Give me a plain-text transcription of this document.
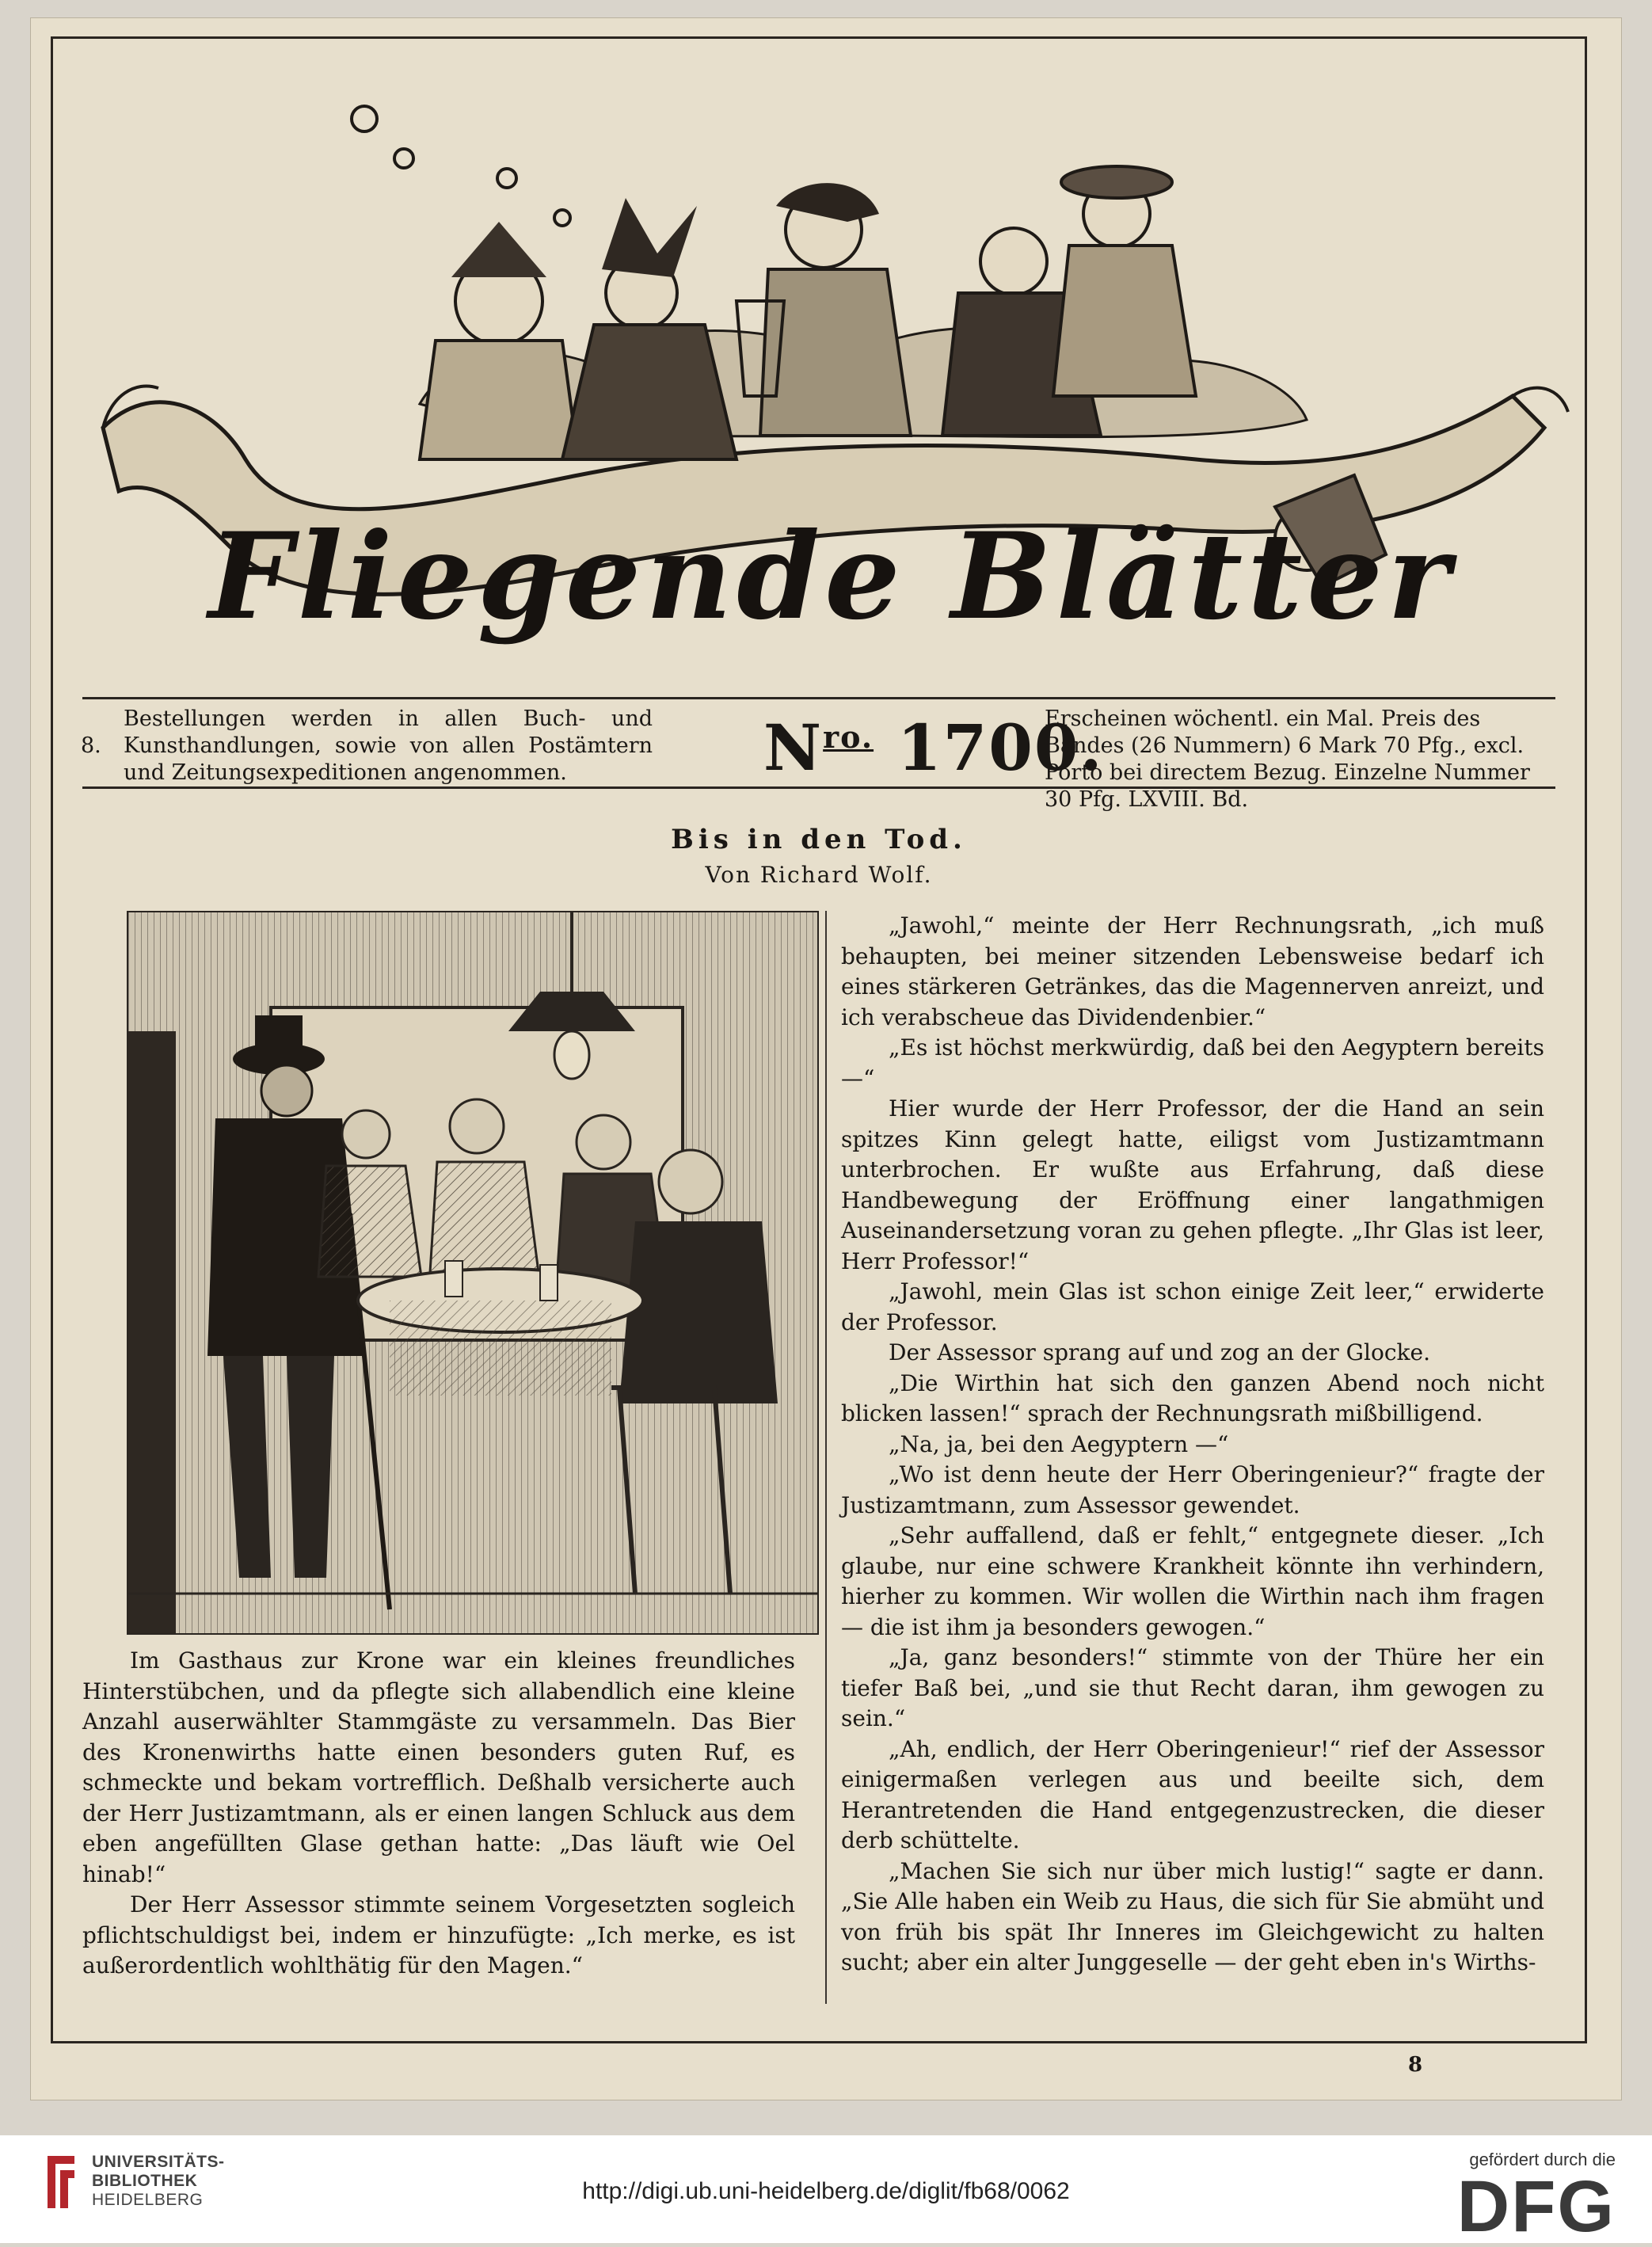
Fliegende Blätter
8.
Bestellungen werden in allen Buch- und Kunsthandlungen, sowie von allen Postämtern und Zeitungsexpeditionen angenommen.	$N^{ro.}$ 1700.
Erscheinen wöchentl. ein Mal. Preis des Bandes (26 Nummern) 6 Mark 70 Pfg., excl. Porto bei directem Bezug. Einzelne Nummer 30 Pfg. LXVIII. Bd.
Bis in den Tod.
Von Richard Wolf.

Im Gasthaus zur Krone war ein kleines freundliches Hinterstübchen, und da pflegte sich allabendlich eine kleine Anzahl auserwählter Stammgäste zu versammeln. Das Bier des Kronenwirths hatte einen besonders guten Ruf, es schmeckte und bekam vortrefflich. Deßhalb versicherte auch der Herr Justizamtmann, als er einen langen Schluck aus dem eben angefüllten Glase gethan hatte: „Das läuft wie Oel hinab!“

Der Herr Assessor stimmte seinem Vorgesetzten sogleich pflichtschuldigst bei, indem er hinzufügte: „Ich merke, es ist außerordentlich wohlthätig für den Magen.“

„Jawohl,“ meinte der Herr Rechnungsrath, „ich muß behaupten, bei meiner sitzenden Lebensweise bedarf ich eines stärkeren Getränkes, das die Magennerven anreizt, und ich verabscheue das Dividendenbier.“

„Es ist höchst merkwürdig, daß bei den Aegyptern bereits —“

Hier wurde der Herr Professor, der die Hand an sein spitzes Kinn gelegt hatte, eiligst vom Justizamtmann unterbrochen. Er wußte aus Erfahrung, daß diese Handbewegung der Eröffnung einer langathmigen Auseinandersetzung voran zu gehen pflegte. „Ihr Glas ist leer, Herr Professor!“

„Jawohl, mein Glas ist schon einige Zeit leer,“ erwiderte der Professor.

Der Assessor sprang auf und zog an der Glocke.

„Die Wirthin hat sich den ganzen Abend noch nicht blicken lassen!“ sprach der Rechnungsrath mißbilligend.

„Na, ja, bei den Aegyptern —“

„Wo ist denn heute der Herr Oberingenieur?“ fragte der Justizamtmann, zum Assessor gewendet.

„Sehr auffallend, daß er fehlt,“ entgegnete dieser. „Ich glaube, nur eine schwere Krankheit könnte ihn verhindern, hierher zu kommen. Wir wollen die Wirthin nach ihm fragen — die ist ihm ja besonders gewogen.“

„Ja, ganz besonders!“ stimmte von der Thüre her ein tiefer Baß bei, „und sie thut Recht daran, ihm gewogen zu sein.“

„Ah, endlich, der Herr Oberingenieur!“ rief der Assessor einigermaßen verlegen aus und beeilte sich, dem Herantretenden die Hand entgegenzustrecken, die dieser derb schüttelte.

„Machen Sie sich nur über mich lustig!“ sagte er dann. „Sie Alle haben ein Weib zu Haus, die sich für Sie abmüht und von früh bis spät Ihr Inneres im Gleichgewicht zu halten sucht; aber ein alter Junggeselle — der geht eben in's Wirths-

8
UNIVERSITÄTS-
BIBLIOTHEK
HEIDELBERG	http://digi.ub.uni-heidelberg.de/diglit/fb68/0062
gefördert durch die
DFG
